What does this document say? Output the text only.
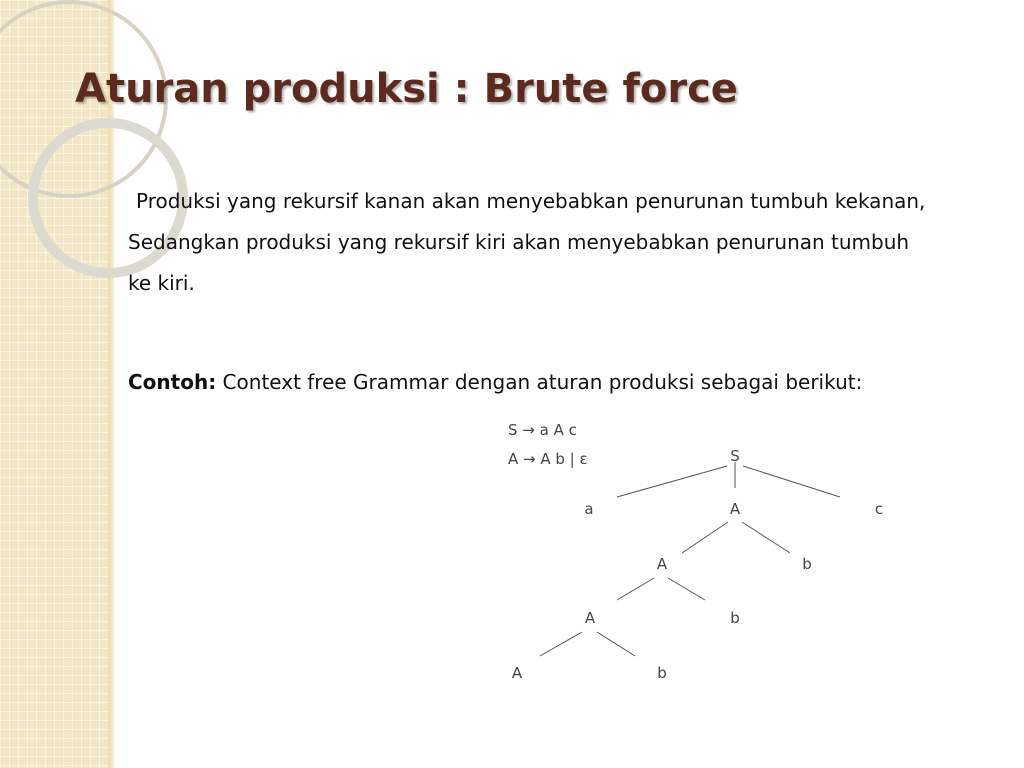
Aturan produksi : Brute force
Produksi yang rekursif kanan akan menyebabkan penurunan tumbuh kekanan, Sedangkan produksi yang rekursif kiri akan menyebabkan penurunan tumbuh ke kiri.
Contoh: Context free Grammar dengan aturan produksi sebagai berikut:
S → a A c
A → A b | ε	S
a	A	c
A	b
A	b
A	b
